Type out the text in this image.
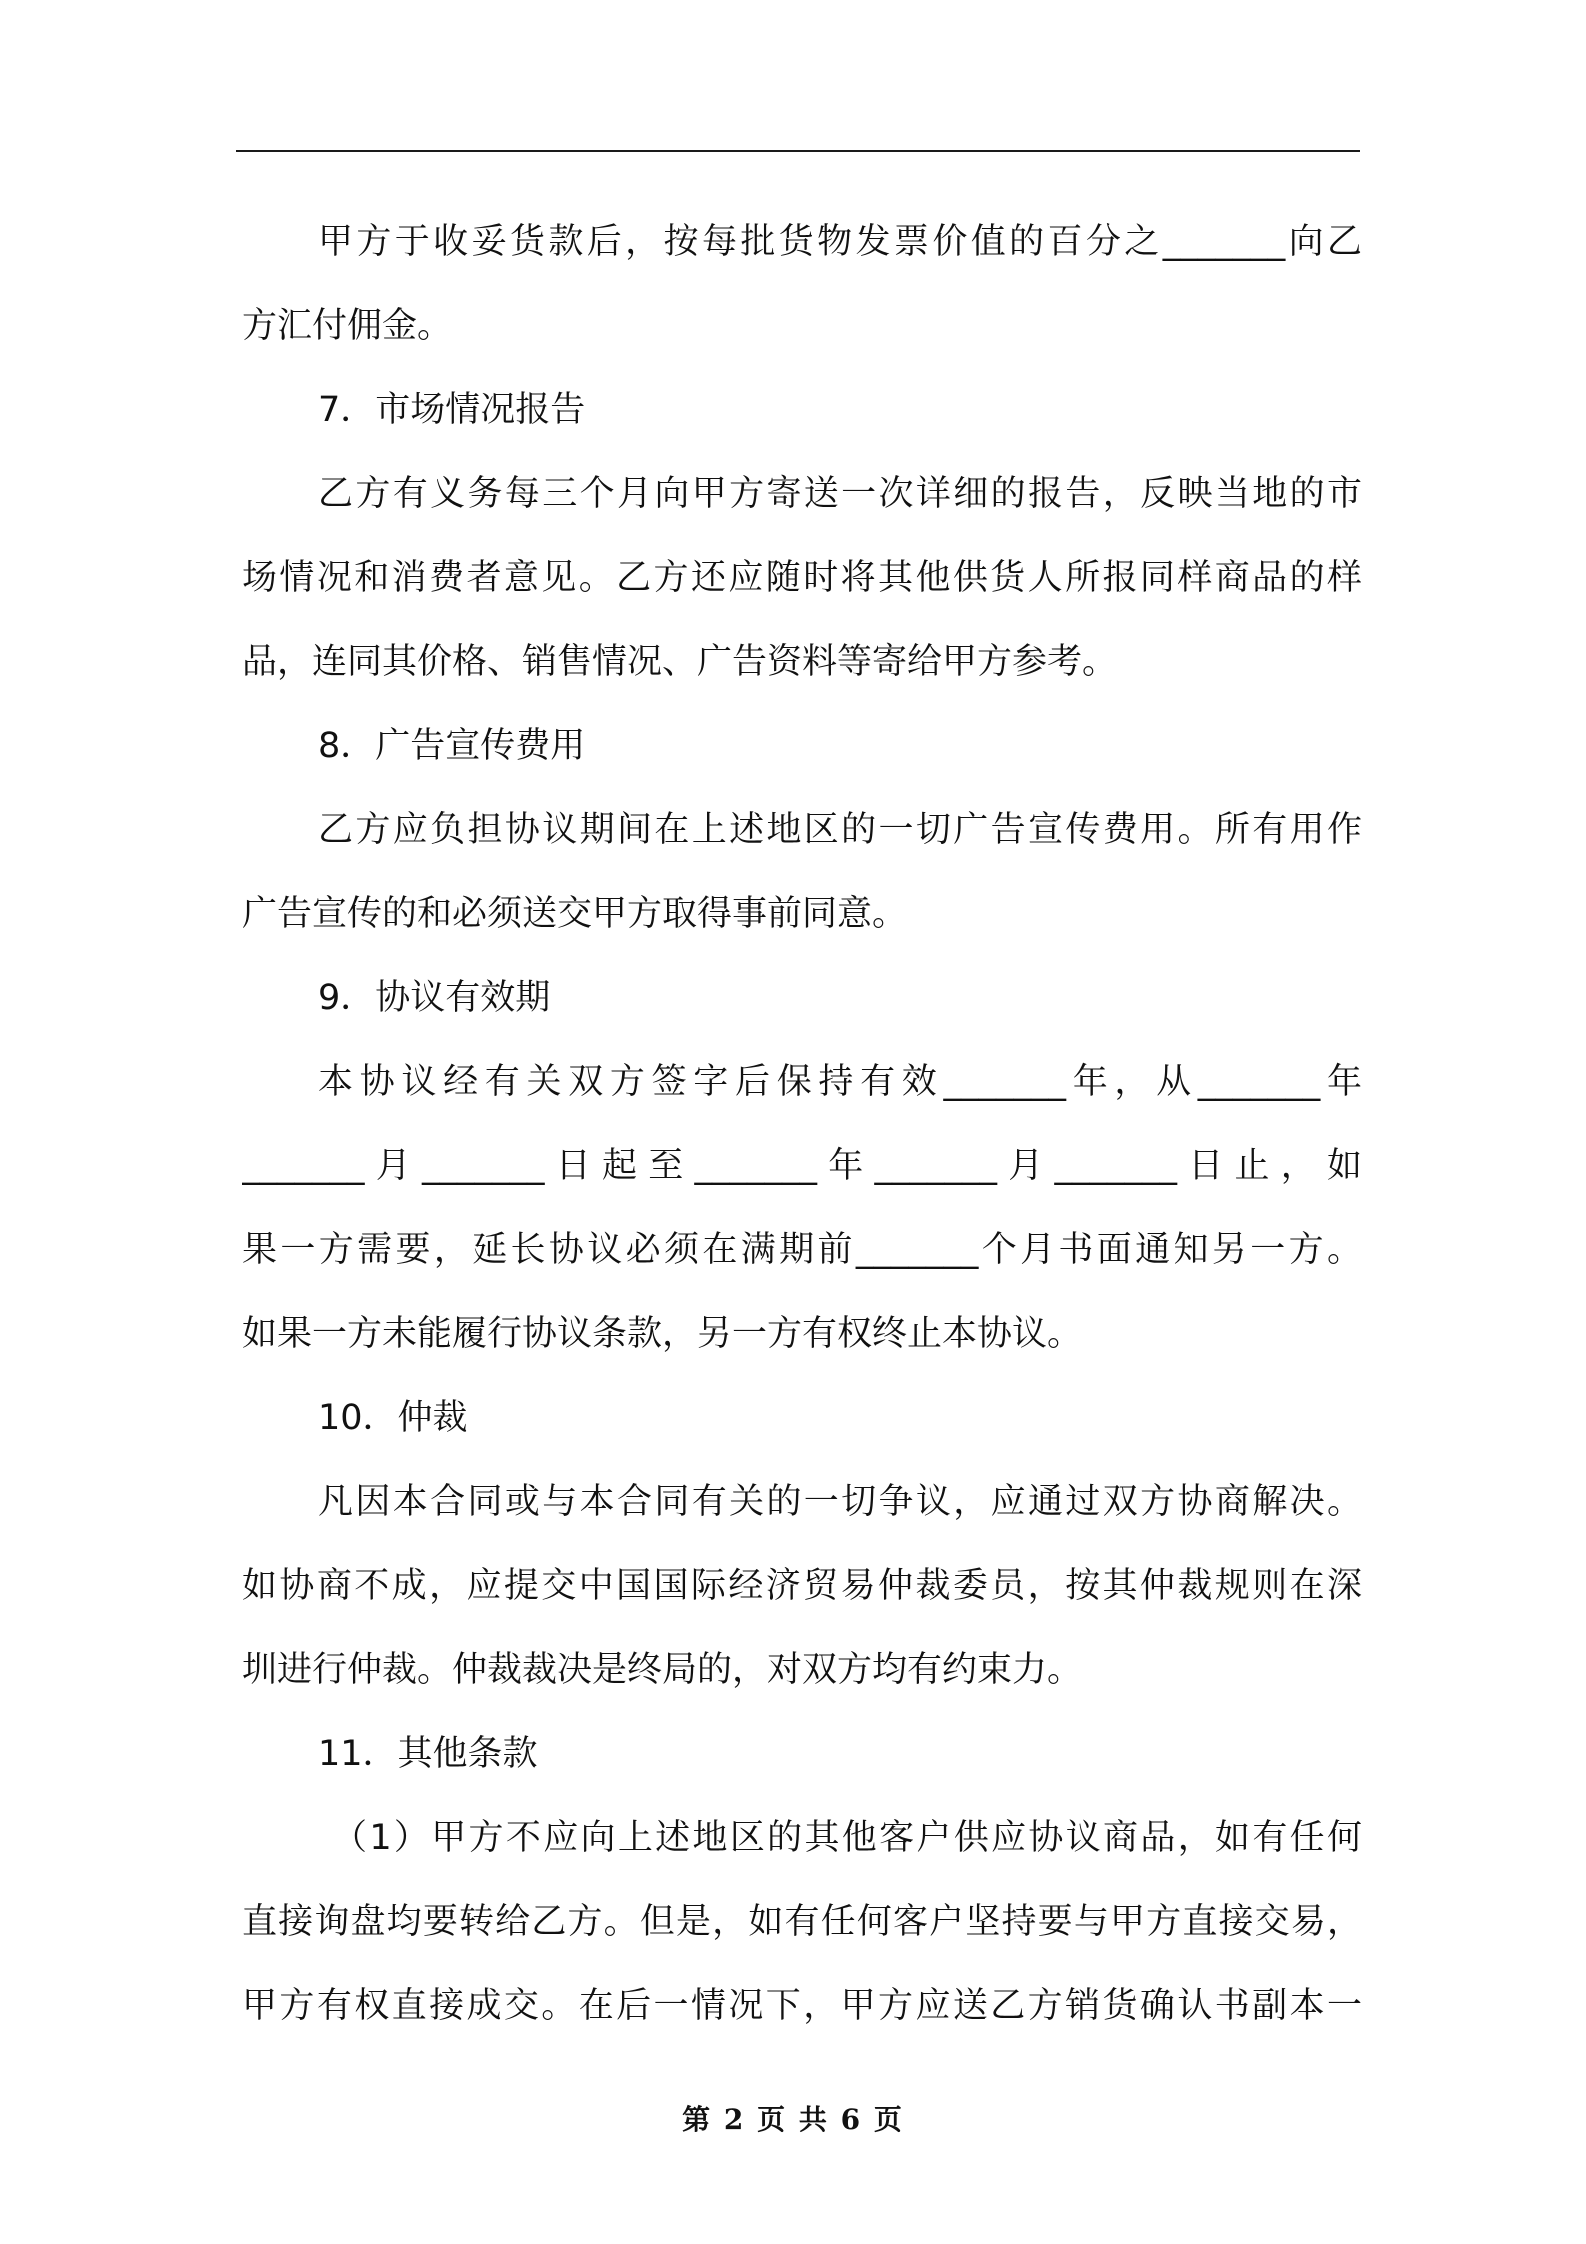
甲方于收妥货款后，按每批货物发票价值的百分之_______向乙
方汇付佣金。
7．市场情况报告
乙方有义务每三个月向甲方寄送一次详细的报告，反映当地的市
场情况和消费者意见。乙方还应随时将其他供货人所报同样商品的样
品，连同其价格、销售情况、广告资料等寄给甲方参考。
8．广告宣传费用
乙方应负担协议期间在上述地区的一切广告宣传费用。所有用作
广告宣传的和必须送交甲方取得事前同意。
9．协议有效期
本协议经有关双方签字后保持有效_______年，从_______年
_______月_______日起至_______年_______月_______日止，如
果一方需要，延长协议必须在满期前_______个月书面通知另一方。
如果一方未能履行协议条款，另一方有权终止本协议。
10．仲裁
凡因本合同或与本合同有关的一切争议，应通过双方协商解决。
如协商不成，应提交中国国际经济贸易仲裁委员，按其仲裁规则在深
圳进行仲裁。仲裁裁决是终局的，对双方均有约束力。
11．其他条款
（1）甲方不应向上述地区的其他客户供应协议商品，如有任何
直接询盘均要转给乙方。但是，如有任何客户坚持要与甲方直接交易，
甲方有权直接成交。在后一情况下，甲方应送乙方销货确认书副本一
第 2 页 共 6 页
